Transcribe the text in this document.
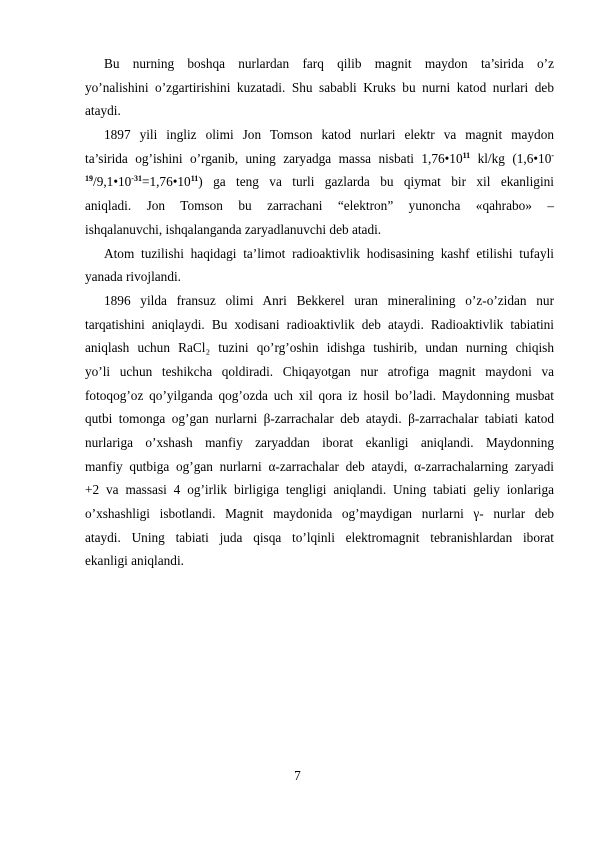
Bu nurning boshqa nurlardan farq qilib magnit maydon ta’sirida o’z
yo’nalishini o’zgartirishini kuzatadi. Shu sababli Kruks bu nurni katod nurlari deb
ataydi.

1897 yili ingliz olimi Jon Tomson katod nurlari elektr va magnit maydon
ta’sirida og’ishini o’rganib, uning zaryadga massa nisbati $1,76•10^{11}$ kl/kg (1,6•10-
$^{19}/9,1•10^{-31}=1,76•10^{11}$) ga teng va turli gazlarda bu qiymat bir xil ekanligini
aniqladi. Jon Tomson bu zarrachani “elektron” yunoncha «qahrabo» –
ishqalanuvchi, ishqalanganda zaryadlanuvchi deb atadi.

Atom tuzilishi haqidagi ta’limot radioaktivlik hodisasining kashf etilishi tufayli
yanada rivojlandi.

1896 yilda fransuz olimi Anri Bekkerel uran mineralining o’z-o’zidan nur
tarqatishini aniqlaydi. Bu xodisani radioaktivlik deb ataydi. Radioaktivlik tabiatini
aniqlash uchun RaCl₂ tuzini qo’rg’oshin idishga tushirib, undan nurning chiqish
yo’li uchun teshikcha qoldiradi. Chiqayotgan nur atrofiga magnit maydoni va
fotoqog’oz qo’yilganda qog’ozda uch xil qora iz hosil bo’ladi. Maydonning musbat
qutbi tomonga og’gan nurlarni β-zarrachalar deb ataydi. β-zarrachalar tabiati katod
nurlariga o’xshash manfiy zaryaddan iborat ekanligi aniqlandi. Maydonning
manfiy qutbiga og’gan nurlarni α-zarrachalar deb ataydi, α-zarrachalarning zaryadi
+2 va massasi 4 og’irlik birligiga tengligi aniqlandi. Uning tabiati geliy ionlariga
o’xshashligi isbotlandi. Magnit maydonida og’maydigan nurlarni γ- nurlar deb
ataydi. Uning tabiati juda qisqa to’lqinli elektromagnit tebranishlardan iborat
ekanligi aniqlandi.

7
